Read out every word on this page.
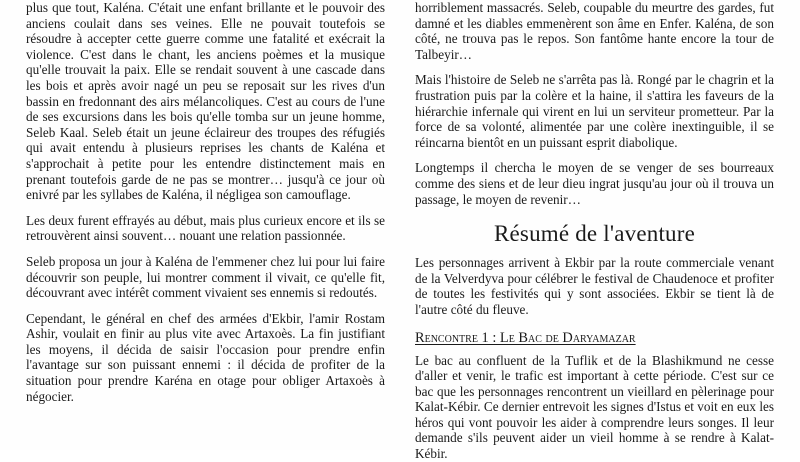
plus que tout, Kaléna. C'était une enfant brillante et le pouvoir des anciens coulait dans ses veines. Elle ne pouvait toutefois se résoudre à accepter cette guerre comme une fatalité et exécrait la violence. C'est dans le chant, les anciens poèmes et la musique qu'elle trouvait la paix. Elle se rendait souvent à une cascade dans les bois et après avoir nagé un peu se reposait sur les rives d'un bassin en fredonnant des airs mélancoliques. C'est au cours de l'une de ses excursions dans les bois qu'elle tomba sur un jeune homme, Seleb Kaal. Seleb était un jeune éclaireur des troupes des réfugiés qui avait entendu à plusieurs reprises les chants de Kaléna et s'approchait à petite pour les entendre distinctement mais en prenant toutefois garde de ne pas se montrer… jusqu'à ce jour où enivré par les syllabes de Kaléna, il négligea son camouflage.

Les deux furent effrayés au début, mais plus curieux encore et ils se retrouvèrent ainsi souvent… nouant une relation passionnée.

Seleb proposa un jour à Kaléna de l'emmener chez lui pour lui faire découvrir son peuple, lui montrer comment il vivait, ce qu'elle fit, découvrant avec intérêt comment vivaient ses ennemis si redoutés.

Cependant, le général en chef des armées d'Ekbir, l'amir Rostam Ashir, voulait en finir au plus vite avec Artaxoès. La fin justifiant les moyens, il décida de saisir l'occasion pour prendre enfin l'avantage sur son puissant ennemi : il décida de profiter de la situation pour prendre Karéna en otage pour obliger Artaxoès à négocier.

horriblement massacrés. Seleb, coupable du meurtre des gardes, fut damné et les diables emmenèrent son âme en Enfer. Kaléna, de son côté, ne trouva pas le repos. Son fantôme hante encore la tour de Talbeyir…

Mais l'histoire de Seleb ne s'arrêta pas là. Rongé par le chagrin et la frustration puis par la colère et la haine, il s'attira les faveurs de la hiérarchie infernale qui virent en lui un serviteur prometteur. Par la force de sa volonté, alimentée par une colère inextinguible, il se réincarna bientôt en un puissant esprit diabolique.

Longtemps il chercha le moyen de se venger de ses bourreaux comme des siens et de leur dieu ingrat jusqu'au jour où il trouva un passage, le moyen de revenir…

Résumé de l'aventure

Les personnages arrivent à Ekbir par la route commerciale venant de la Velverdyva pour célébrer le festival de Chaudenoce et profiter de toutes les festivités qui y sont associées. Ekbir se tient là de l'autre côté du fleuve.

Rencontre 1 : Le Bac de Daryamazar

Le bac au confluent de la Tuflik et de la Blashikmund ne cesse d'aller et venir, le trafic est important à cette période. C'est sur ce bac que les personnages rencontrent un vieillard en pèlerinage pour Kalat-Kébir. Ce dernier entrevoit les signes d'Istus et voit en eux les héros qui vont pouvoir les aider à comprendre leurs songes. Il leur demande s'ils peuvent aider un vieil homme à se rendre à Kalat-Kébir.
